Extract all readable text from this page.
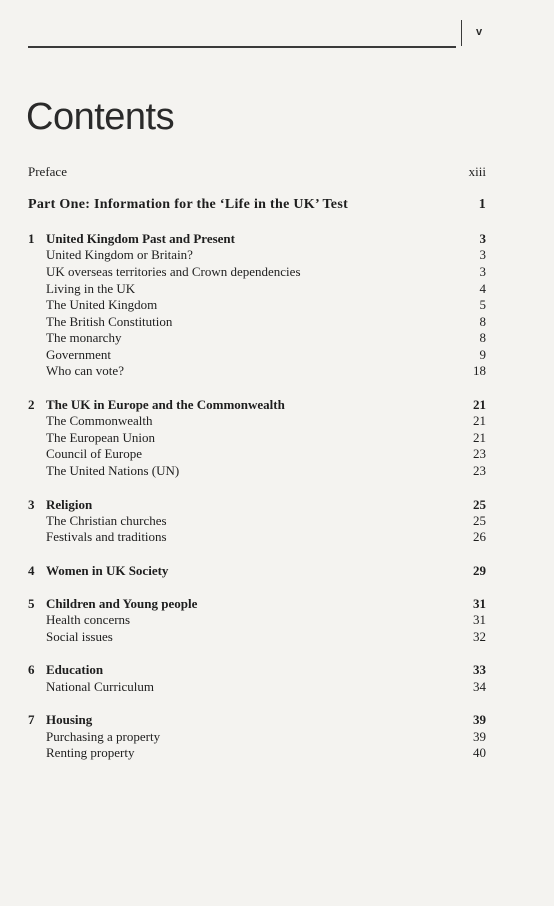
v
Contents
Preface	xiii
Part One: Information for the ‘Life in the UK’ Test	1
1 United Kingdom Past and Present	3
United Kingdom or Britain?	3
UK overseas territories and Crown dependencies	3
Living in the UK	4
The United Kingdom	5
The British Constitution	8
The monarchy	8
Government	9
Who can vote?	18
2 The UK in Europe and the Commonwealth	21
The Commonwealth	21
The European Union	21
Council of Europe	23
The United Nations (UN)	23
3 Religion	25
The Christian churches	25
Festivals and traditions	26
4 Women in UK Society	29
5 Children and Young people	31
Health concerns	31
Social issues	32
6 Education	33
National Curriculum	34
7 Housing	39
Purchasing a property	39
Renting property	40
